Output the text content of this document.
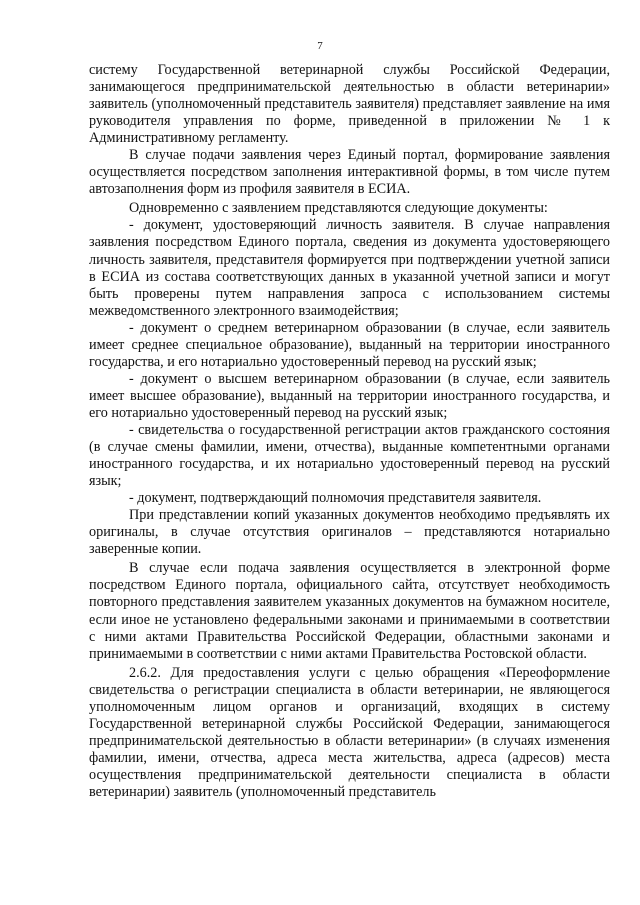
7

систему Государственной ветеринарной службы Российской Федерации, занимающегося предпринимательской деятельностью в области ветеринарии» заявитель (уполномоченный представитель заявителя) представляет заявление на имя руководителя управления по форме, приведенной в приложении № 1 к Административному регламенту.

В случае подачи заявления через Единый портал, формирование заявления осуществляется посредством заполнения интерактивной формы, в том числе путем автозаполнения форм из профиля заявителя в ЕСИА.

Одновременно с заявлением представляются следующие документы:

- документ, удостоверяющий личность заявителя. В случае направления заявления посредством Единого портала, сведения из документа удостоверяющего личность заявителя, представителя формируется при подтверждении учетной записи в ЕСИА из состава соответствующих данных в указанной учетной записи и могут быть проверены путем направления запроса с использованием системы межведомственного электронного взаимодействия;

- документ о среднем ветеринарном образовании (в случае, если заявитель имеет среднее специальное образование), выданный на территории иностранного государства, и его нотариально удостоверенный перевод на русский язык;

- документ о высшем ветеринарном образовании (в случае, если заявитель имеет высшее образование), выданный на территории иностранного государства, и его нотариально удостоверенный перевод на русский язык;

- свидетельства о государственной регистрации актов гражданского состояния (в случае смены фамилии, имени, отчества), выданные компетентными органами иностранного государства, и их нотариально удостоверенный перевод на русский язык;

- документ, подтверждающий полномочия представителя заявителя.

При представлении копий указанных документов необходимо предъявлять их оригиналы, в случае отсутствия оригиналов – представляются нотариально заверенные копии.

В случае если подача заявления осуществляется в электронной форме посредством Единого портала, официального сайта, отсутствует необходимость повторного представления заявителем указанных документов на бумажном носителе, если иное не установлено федеральными законами и принимаемыми в соответствии с ними актами Правительства Российской Федерации, областными законами и принимаемыми в соответствии с ними актами Правительства Ростовской области.

2.6.2. Для предоставления услуги с целью обращения «Переоформление свидетельства о регистрации специалиста в области ветеринарии, не являющегося уполномоченным лицом органов и организаций, входящих в систему Государственной ветеринарной службы Российской Федерации, занимающегося предпринимательской деятельностью в области ветеринарии» (в случаях изменения фамилии, имени, отчества, адреса места жительства, адреса (адресов) места осуществления предпринимательской деятельности специалиста в области ветеринарии) заявитель (уполномоченный представитель
